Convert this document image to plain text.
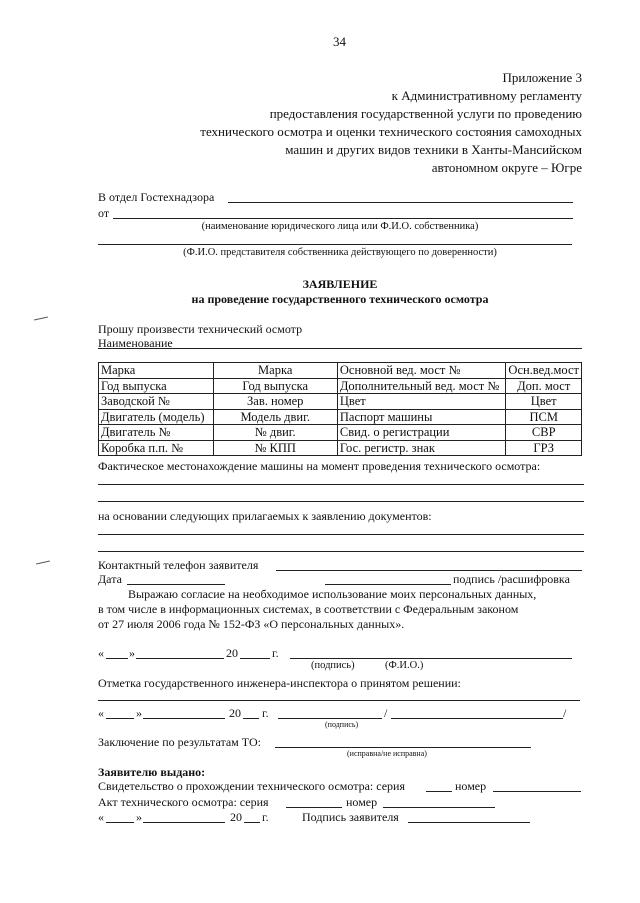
34
Приложение 3
к Административному регламенту
предоставления государственной услуги по проведению
технического осмотра и оценки технического состояния самоходных
машин и других видов техники в Ханты-Мансийском
автономном округе – Югре
В отдел Гостехнадзора
от
(наименование юридического лица или Ф.И.О. собственника)
(Ф.И.О. представителя собственника действующего по доверенности)
ЗАЯВЛЕНИЕ
на проведение государственного технического осмотра
Прошу произвести технический осмотр
Наименование
Марка	Марка	Основной вед. мост №	Осн.вед.мост
Год выпуска	Год выпуска	Дополнительный вед. мост №	Доп. мост
Заводской №	Зав. номер	Цвет	Цвет
Двигатель (модель)	Модель двиг.	Паспорт машины	ПСМ
Двигатель №	№ двиг.	Свид. о регистрации	СВР
Коробка п.п. №	№ КПП	Гос. регистр. знак	ГРЗ
Фактическое местонахождение машины на момент проведения технического осмотра:
на основании следующих прилагаемых к заявлению документов:
Контактный телефон заявителя
Дата	подпись /расшифровка
Выражаю согласие на необходимое использование моих персональных данных,
в том числе в информационных системах, в соответствии с Федеральным законом
от 27 июля 2006 года № 152-ФЗ «О персональных данных».
« »	20	г.
(подпись)	(Ф.И.О.)
Отметка государственного инженера-инспектора о принятом решении:
«	»	20 г.	/	/
(подпись)
Заключение по результатам ТО:
(исправна/не исправна)
Заявителю выдано:
Свидетельство о прохождении технического осмотра: серия	номер
Акт технического осмотра: серия	номер
«	»	20 г.	Подпись заявителя
